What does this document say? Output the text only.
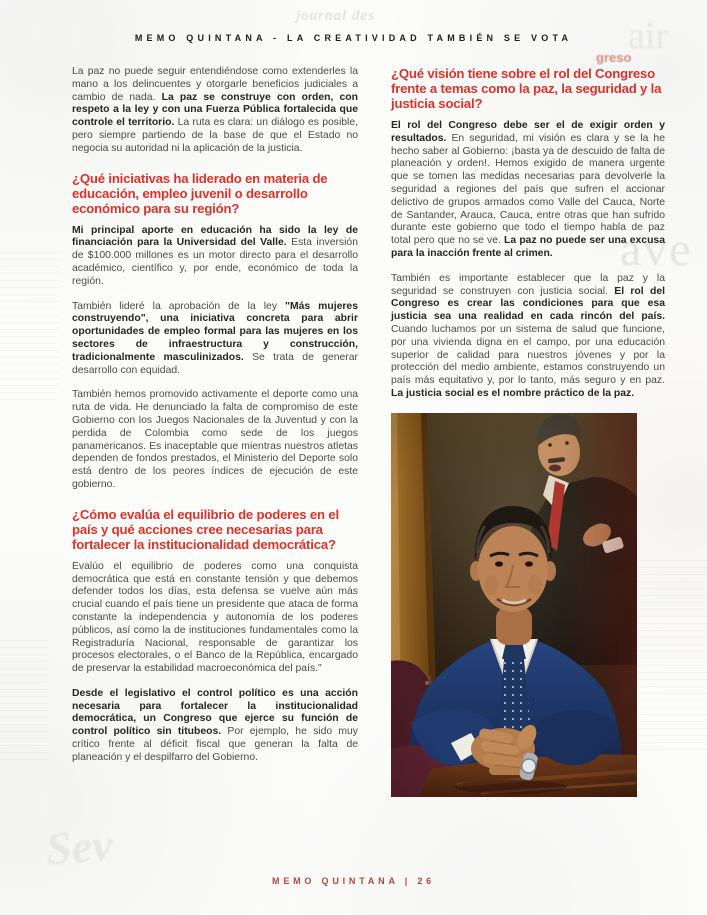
journal des	air
greso
ul
ave
Sev
MEMO QUINTANA - LA CREATIVIDAD TAMBIÉN SE VOTA

La paz no puede seguir entendiéndose como extenderles la mano a los delincuentes y otorgarle beneficios judiciales a cambio de nada. La paz se construye con orden, con respeto a la ley y con una Fuerza Pública fortalecida que controle el territorio. La ruta es clara: un diálogo es posible, pero siempre partiendo de la base de que el Estado no negocia su autoridad ni la aplicación de la justicia.

¿Qué iniciativas ha liderado en materia de educación, empleo juvenil o desarrollo económico para su región?

Mi principal aporte en educación ha sido la ley de financiación para la Universidad del Valle. Esta inversión de $100.000 millones es un motor directo para el desarrollo académico, científico y, por ende, económico de toda la región.

También lideré la aprobación de la ley "Más mujeres construyendo", una iniciativa concreta para abrir oportunidades de empleo formal para las mujeres en los sectores de infraestructura y construcción, tradicionalmente masculinizados. Se trata de generar desarrollo con equidad.

También hemos promovido activamente el deporte como una ruta de vida. He denunciado la falta de compromiso de este Gobierno con los Juegos Nacionales de la Juventud y con la perdida de Colombia como sede de los juegos panamericanos. Es inaceptable que mientras nuestros atletas dependen de fondos prestados, el Ministerio del Deporte solo está dentro de los peores índices de ejecución de este gobierno.

¿Cómo evalúa el equilibrio de poderes en el país y qué acciones cree necesarias para fortalecer la institucionalidad democrática?

Evalúo el equilibrio de poderes como una conquista democrática que está en constante tensión y que debemos defender todos los días, esta defensa se vuelve aún más crucial cuando el país tiene un presidente que ataca de forma constante la independencia y autonomía de los poderes públicos, así como la de instituciones fundamentales como la Registraduría Nacional, responsable de garantizar los procesos electorales, o el Banco de la República, encargado de preservar la estabilidad macroeconómica del país."

Desde el legislativo el control político es una acción necesaria para fortalecer la institucionalidad democrática, un Congreso que ejerce su función de control político sin titubeos. Por ejemplo, he sido muy crítico frente al déficit fiscal que generan la falta de planeación y el despilfarro del Gobierno.

¿Qué visión tiene sobre el rol del Congreso frente a temas como la paz, la seguridad y la justicia social?

El rol del Congreso debe ser el de exigir orden y resultados. En seguridad, mi visión es clara y se la he hecho saber al Gobierno: ¡basta ya de descuido de falta de planeación y orden!. Hemos exigido de manera urgente que se tomen las medidas necesarias para devolverle la seguridad a regiones del país que sufren el accionar delictivo de grupos armados como Valle del Cauca, Norte de Santander, Arauca, Cauca, entre otras que han sufrido durante este gobierno que todo el tiempo habla de paz total pero que no se ve. La paz no puede ser una excusa para la inacción frente al crimen.

También es importante establecer que la paz y la seguridad se construyen con justicia social. El rol del Congreso es crear las condiciones para que esa justicia sea una realidad en cada rincón del país. Cuando luchamos por un sistema de salud que funcione, por una vivienda digna en el campo, por una educación superior de calidad para nuestros jóvenes y por la protección del medio ambiente, estamos construyendo un país más equitativo y, por lo tanto, más seguro y en paz. La justicia social es el nombre práctico de la paz.

MEMO QUINTANA | 26
